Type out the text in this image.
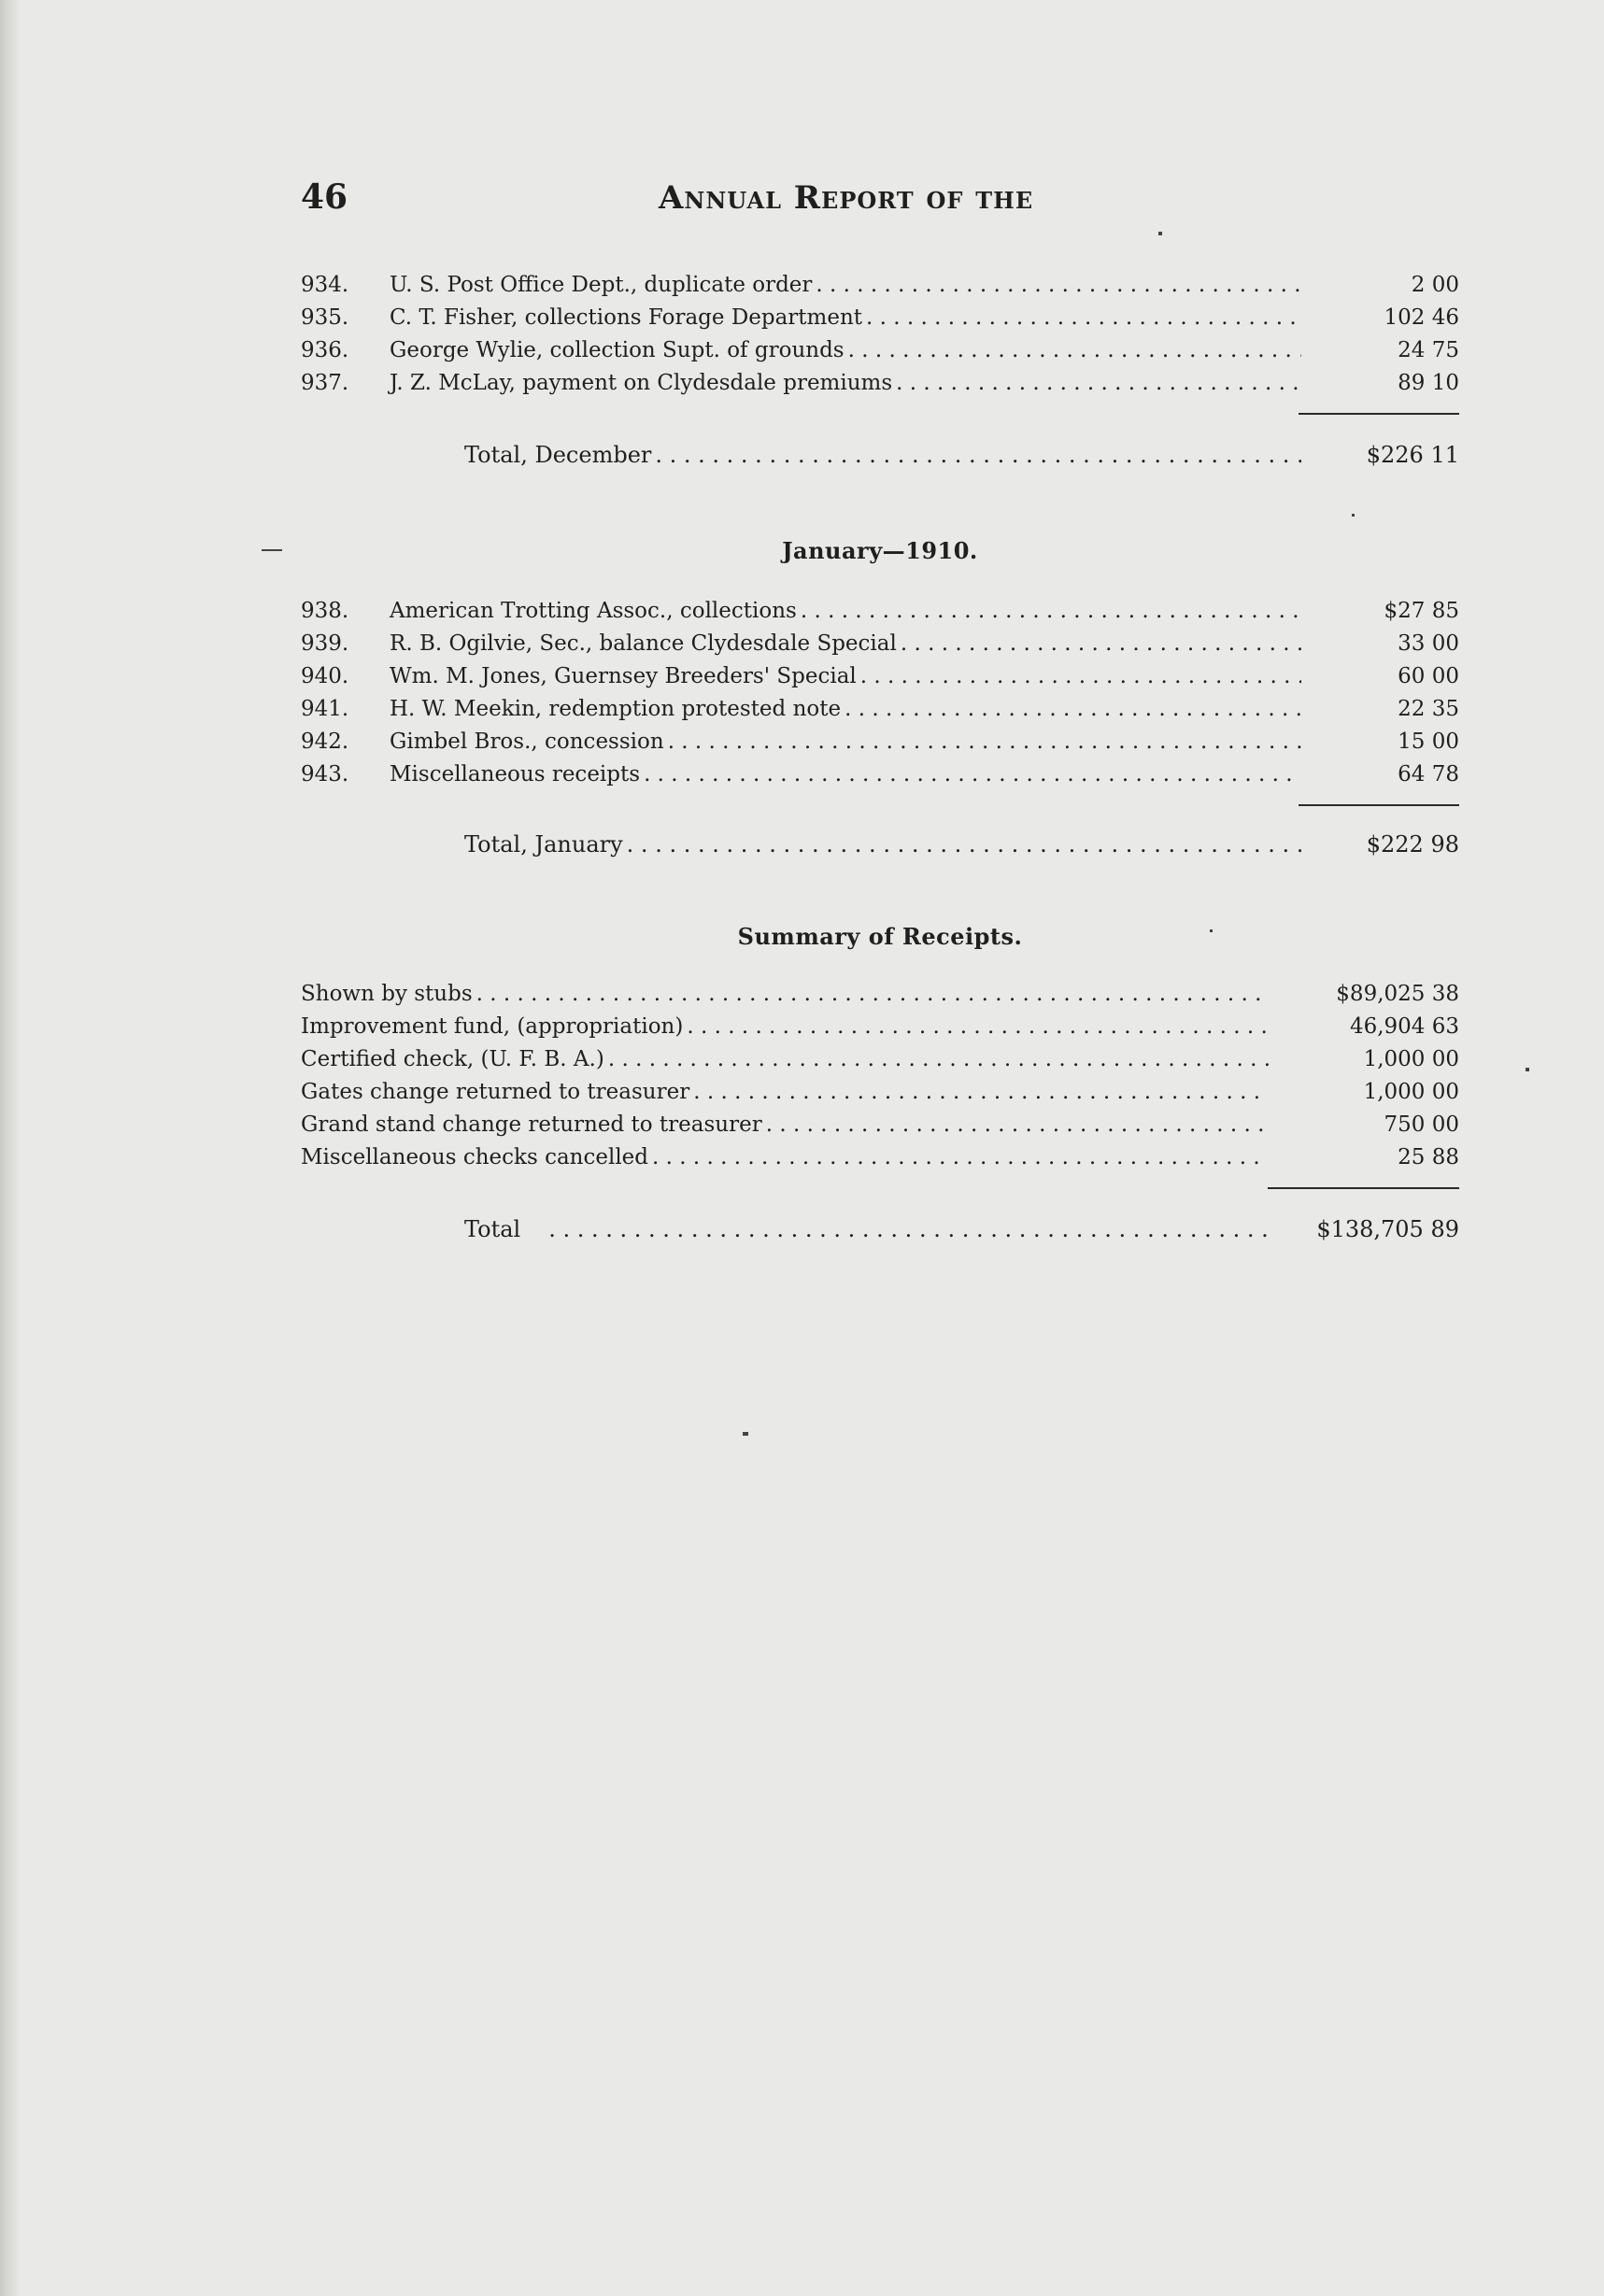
46	Annual Report of the
934.	U. S. Post Office Dept., duplicate order . . .	2 00
935.	C. T. Fisher, collections Forage Department . . .	102 46
936.	George Wylie, collection Supt. of grounds . . .	24 75
937.	J. Z. McLay, payment on Clydesdale premiums . . .	89 10
Total, December . . .	$226 11
January—1910.
938.	American Trotting Assoc., collections . . .	$27 85
939.	R. B. Ogilvie, Sec., balance Clydesdale Special . . .	33 00
940.	Wm. M. Jones, Guernsey Breeders' Special . . .	60 00
941.	H. W. Meekin, redemption protested note . . .	22 35
942.	Gimbel Bros., concession . . .	15 00
943.	Miscellaneous receipts . . .	64 78
Total, January . . .	$222 98
Summary of Receipts.
Shown by stubs . . .	$89,025 38
Improvement fund, (appropriation) . . .	46,904 63
Certified check, (U. F. B. A.) . . .	1,000 00
Gates change returned to treasurer . . .	1,000 00
Grand stand change returned to treasurer . . .	750 00
Miscellaneous checks cancelled . . .	25 88
Total . . .	$138,705 89
